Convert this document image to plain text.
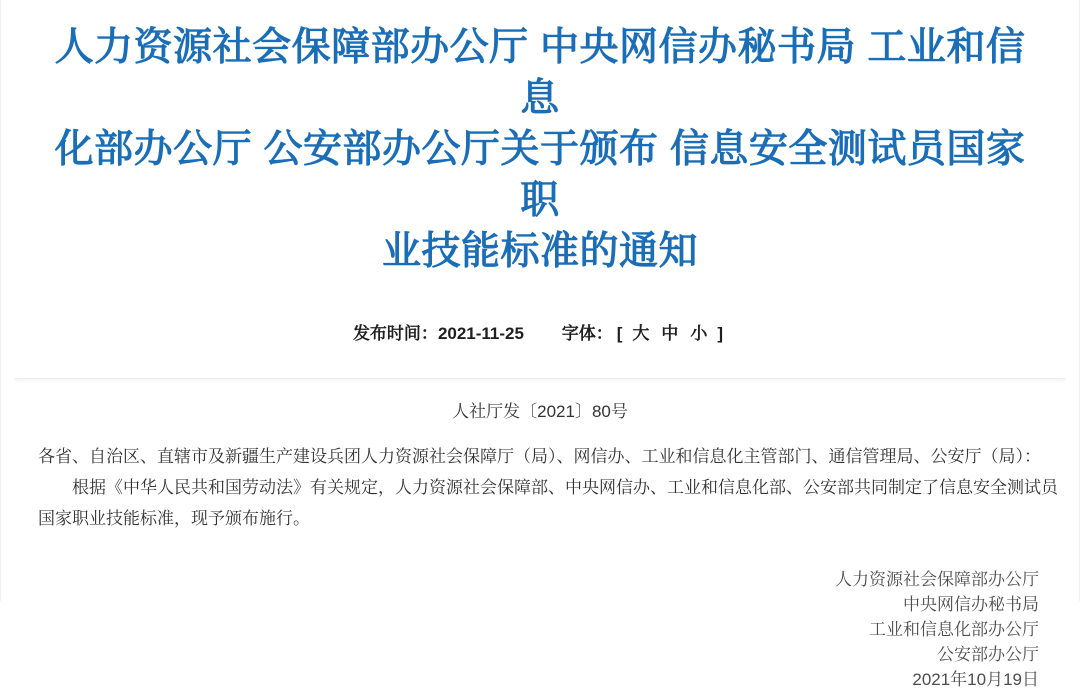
人力资源社会保障部办公厅 中央网信办秘书局 工业和信息
化部办公厅 公安部办公厅关于颁布 信息安全测试员国家职
业技能标准的通知
发布时间： 2021-11-25
字体： [ 大 中 小 ]
人社厅发〔2021〕80号

各省、自治区、直辖市及新疆生产建设兵团人力资源社会保障厅（局）、网信办、工业和信息化主管部门、通信管理局、公安厅（局）：

根据《中华人民共和国劳动法》有关规定，人力资源社会保障部、中央网信办、工业和信息化部、公安部共同制定了信息安全测试员国家职业技能标准，现予颁布施行。

人力资源社会保障部办公厅
中央网信办秘书局
工业和信息化部办公厅
公安部办公厅
2021年10月19日
